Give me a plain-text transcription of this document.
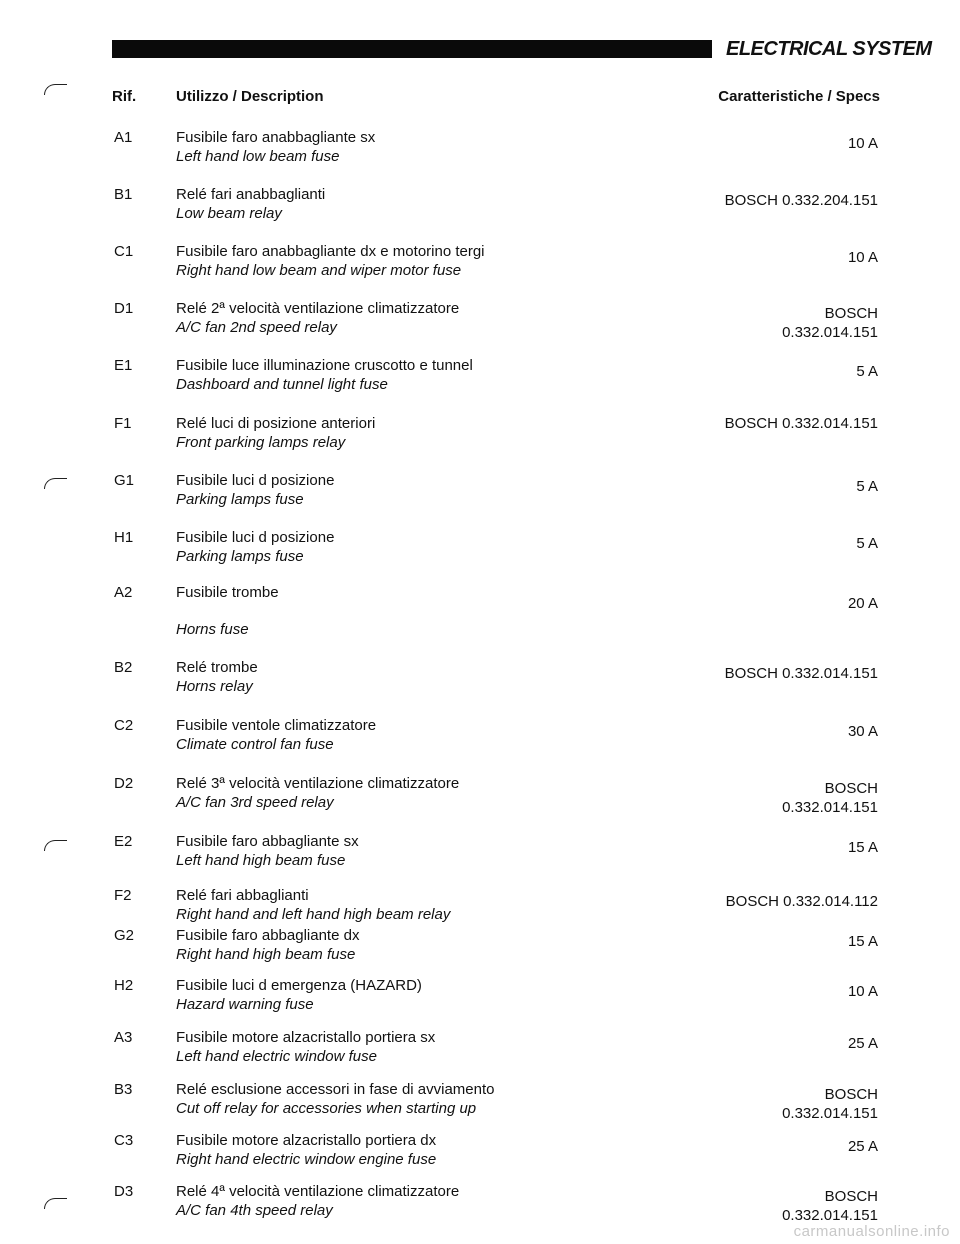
ELECTRICAL SYSTEM
Rif.	Utilizzo / Description	Caratteristiche / Specs
A1	Fusibile faro anabbagliante sx
Left hand low beam fuse
10 A
B1	Relé fari anabbaglianti
Low beam relay
BOSCH 0.332.204.151
C1	Fusibile faro anabbagliante dx e motorino tergi
Right hand low beam and wiper motor fuse
10 A
D1	Relé 2ª velocità ventilazione climatizzatore
A/C fan 2nd speed relay
BOSCH
0.332.014.151
E1	Fusibile luce illuminazione cruscotto e tunnel
Dashboard and tunnel light fuse
5 A
F1	Relé luci di posizione anteriori
Front parking lamps relay
BOSCH 0.332.014.151
G1	Fusibile luci d posizione
Parking lamps fuse
5 A
H1	Fusibile luci d posizione
Parking lamps fuse
5 A
A2	Fusibile trombe
Horns fuse
20 A
B2	Relé trombe
Horns relay
BOSCH 0.332.014.151
C2	Fusibile ventole climatizzatore
Climate control fan fuse
30 A
D2	Relé 3ª velocità ventilazione climatizzatore
A/C fan 3rd speed relay
BOSCH
0.332.014.151
E2	Fusibile faro abbagliante sx
Left hand high beam fuse
15 A
F2	Relé fari abbaglianti
Right hand and left hand high beam relay
BOSCH 0.332.014.112
G2	Fusibile faro abbagliante dx
Right hand high beam fuse
15 A
H2	Fusibile luci d emergenza (HAZARD)
Hazard warning fuse
10 A
A3	Fusibile motore alzacristallo portiera sx
Left hand electric window fuse
25 A
B3	Relé esclusione accessori in fase di avviamento
Cut off relay for accessories when starting up
BOSCH
0.332.014.151
C3	Fusibile motore alzacristallo portiera dx
Right hand electric window engine fuse
25 A
D3	Relé 4ª velocità ventilazione climatizzatore
A/C fan 4th speed relay
BOSCH
0.332.014.151
carmanualsonline.info
